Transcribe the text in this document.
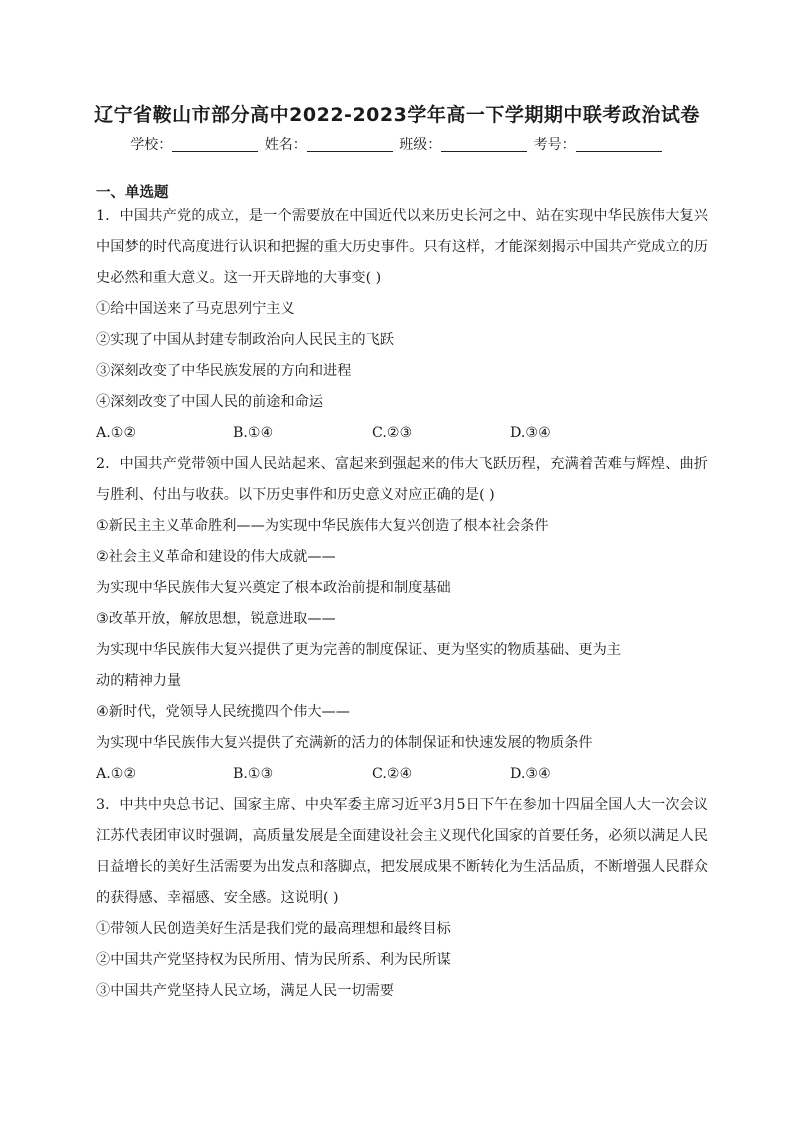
辽宁省鞍山市部分高中2022-2023学年高一下学期期中联考政治试卷
学校：	姓名：	班级：	考号：
一、单选题
1．中国共产党的成立，是一个需要放在中国近代以来历史长河之中、站在实现中华民族伟大复兴中国梦的时代高度进行认识和把握的重大历史事件。只有这样，才能深刻揭示中国共产党成立的历史必然和重大意义。这一开天辟地的大事变( )
①给中国送来了马克思列宁主义
②实现了中国从封建专制政治向人民民主的飞跃
③深刻改变了中华民族发展的方向和进程
④深刻改变了中国人民的前途和命运
A.①②	B.①④	C.②③	D.③④
2．中国共产党带领中国人民站起来、富起来到强起来的伟大飞跃历程，充满着苦难与辉煌、曲折与胜利、付出与收获。以下历史事件和历史意义对应正确的是( )
①新民主主义革命胜利——为实现中华民族伟大复兴创造了根本社会条件
②社会主义革命和建设的伟大成就——
为实现中华民族伟大复兴奠定了根本政治前提和制度基础
③改革开放，解放思想，锐意进取——
为实现中华民族伟大复兴提供了更为完善的制度保证、更为坚实的物质基础、更为主
动的精神力量
④新时代，党领导人民统揽四个伟大——
为实现中华民族伟大复兴提供了充满新的活力的体制保证和快速发展的物质条件
A.①②	B.①③	C.②④	D.③④
3．中共中央总书记、国家主席、中央军委主席习近平3月5日下午在参加十四届全国人大一次会议江苏代表团审议时强调，高质量发展是全面建设社会主义现代化国家的首要任务，必须以满足人民日益增长的美好生活需要为出发点和落脚点，把发展成果不断转化为生活品质，不断增强人民群众的获得感、幸福感、安全感。这说明( )
①带领人民创造美好生活是我们党的最高理想和最终目标
②中国共产党坚持权为民所用、情为民所系、利为民所谋
③中国共产党坚持人民立场，满足人民一切需要
